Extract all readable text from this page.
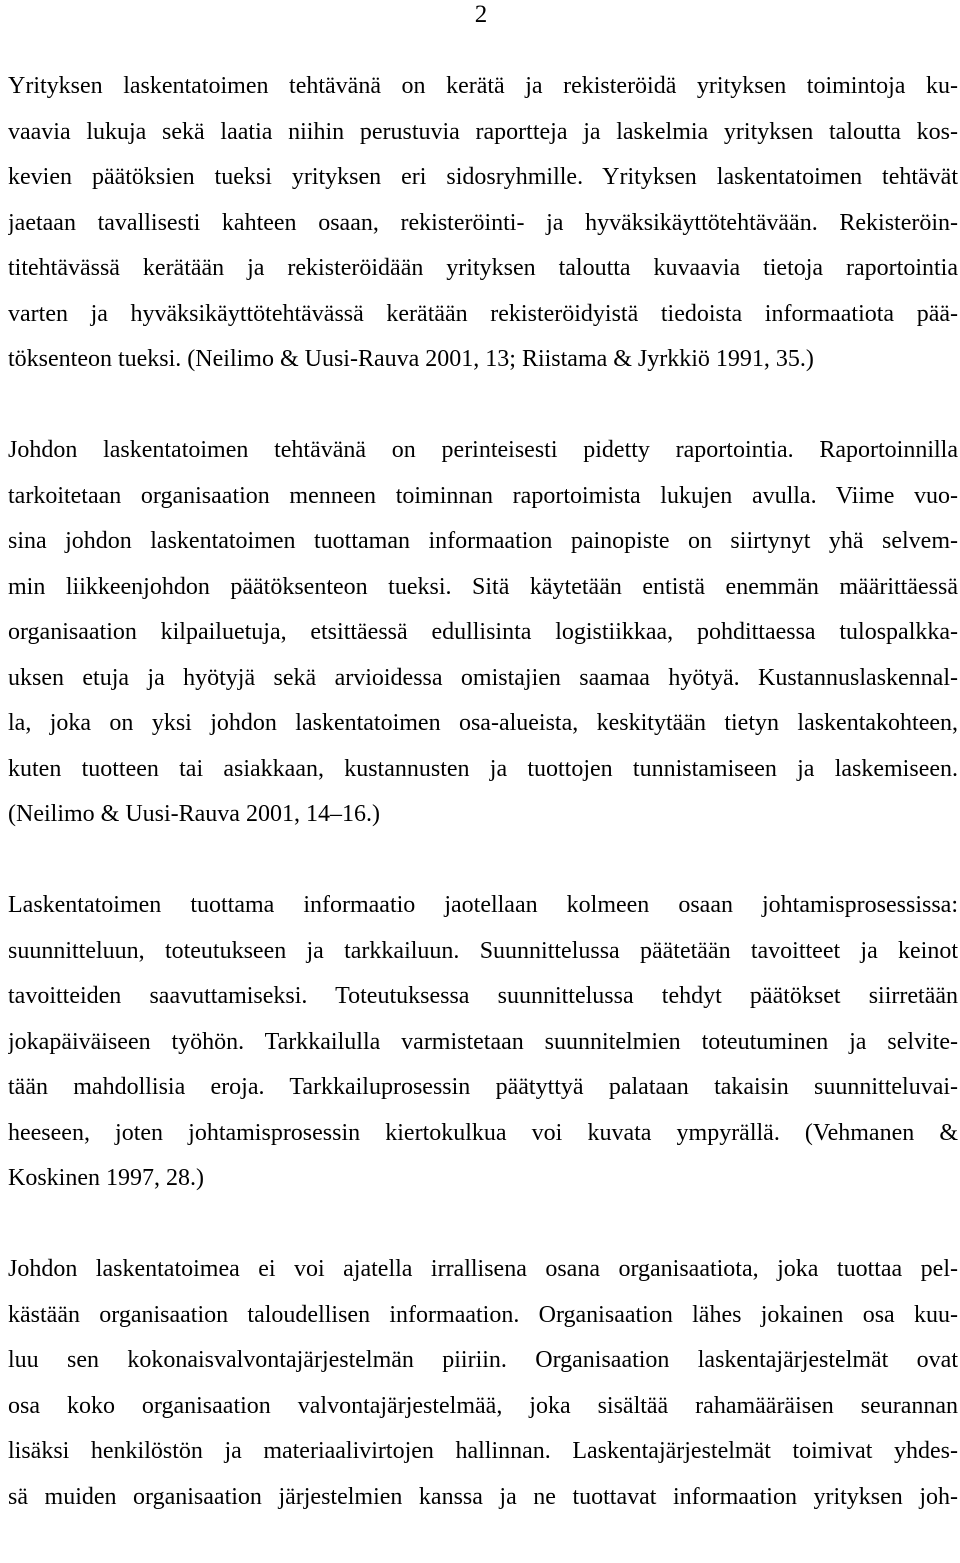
2
Yrityksen laskentatoimen tehtävänä on kerätä ja rekisteröidä yrityksen toimintoja ku-
vaavia lukuja sekä laatia niihin perustuvia raportteja ja laskelmia yrityksen taloutta kos-
kevien päätöksien tueksi yrityksen eri sidosryhmille. Yrityksen laskentatoimen tehtävät
jaetaan tavallisesti kahteen osaan, rekisteröinti- ja hyväksikäyttötehtävään. Rekisteröin-
titehtävässä kerätään ja rekisteröidään yrityksen taloutta kuvaavia tietoja raportointia
varten ja hyväksikäyttötehtävässä kerätään rekisteröidyistä tiedoista informaatiota pää-
töksenteon tueksi. (Neilimo & Uusi-Rauva 2001, 13; Riistama & Jyrkkiö 1991, 35.)
Johdon laskentatoimen tehtävänä on perinteisesti pidetty raportointia. Raportoinnilla
tarkoitetaan organisaation menneen toiminnan raportoimista lukujen avulla. Viime vuo-
sina johdon laskentatoimen tuottaman informaation painopiste on siirtynyt yhä selvem-
min liikkeenjohdon päätöksenteon tueksi. Sitä käytetään entistä enemmän määrittäessä
organisaation kilpailuetuja, etsittäessä edullisinta logistiikkaa, pohdittaessa tulospalkka-
uksen etuja ja hyötyjä sekä arvioidessa omistajien saamaa hyötyä. Kustannuslaskennal-
la, joka on yksi johdon laskentatoimen osa-alueista, keskitytään tietyn laskentakohteen,
kuten tuotteen tai asiakkaan, kustannusten ja tuottojen tunnistamiseen ja laskemiseen.
(Neilimo & Uusi-Rauva 2001, 14–16.)
Laskentatoimen tuottama informaatio jaotellaan kolmeen osaan johtamisprosessissa:
suunnitteluun, toteutukseen ja tarkkailuun. Suunnittelussa päätetään tavoitteet ja keinot
tavoitteiden saavuttamiseksi. Toteutuksessa suunnittelussa tehdyt päätökset siirretään
jokapäiväiseen työhön. Tarkkailulla varmistetaan suunnitelmien toteutuminen ja selvite-
tään mahdollisia eroja. Tarkkailuprosessin päätyttyä palataan takaisin suunnitteluvai-
heeseen, joten johtamisprosessin kiertokulkua voi kuvata ympyrällä. (Vehmanen &
Koskinen 1997, 28.)
Johdon laskentatoimea ei voi ajatella irrallisena osana organisaatiota, joka tuottaa pel-
kästään organisaation taloudellisen informaation. Organisaation lähes jokainen osa kuu-
luu sen kokonaisvalvontajärjestelmän piiriin. Organisaation laskentajärjestelmät ovat
osa koko organisaation valvontajärjestelmää, joka sisältää rahamääräisen seurannan
lisäksi henkilöstön ja materiaalivirtojen hallinnan. Laskentajärjestelmät toimivat yhdes-
sä muiden organisaation järjestelmien kanssa ja ne tuottavat informaation yrityksen joh-
